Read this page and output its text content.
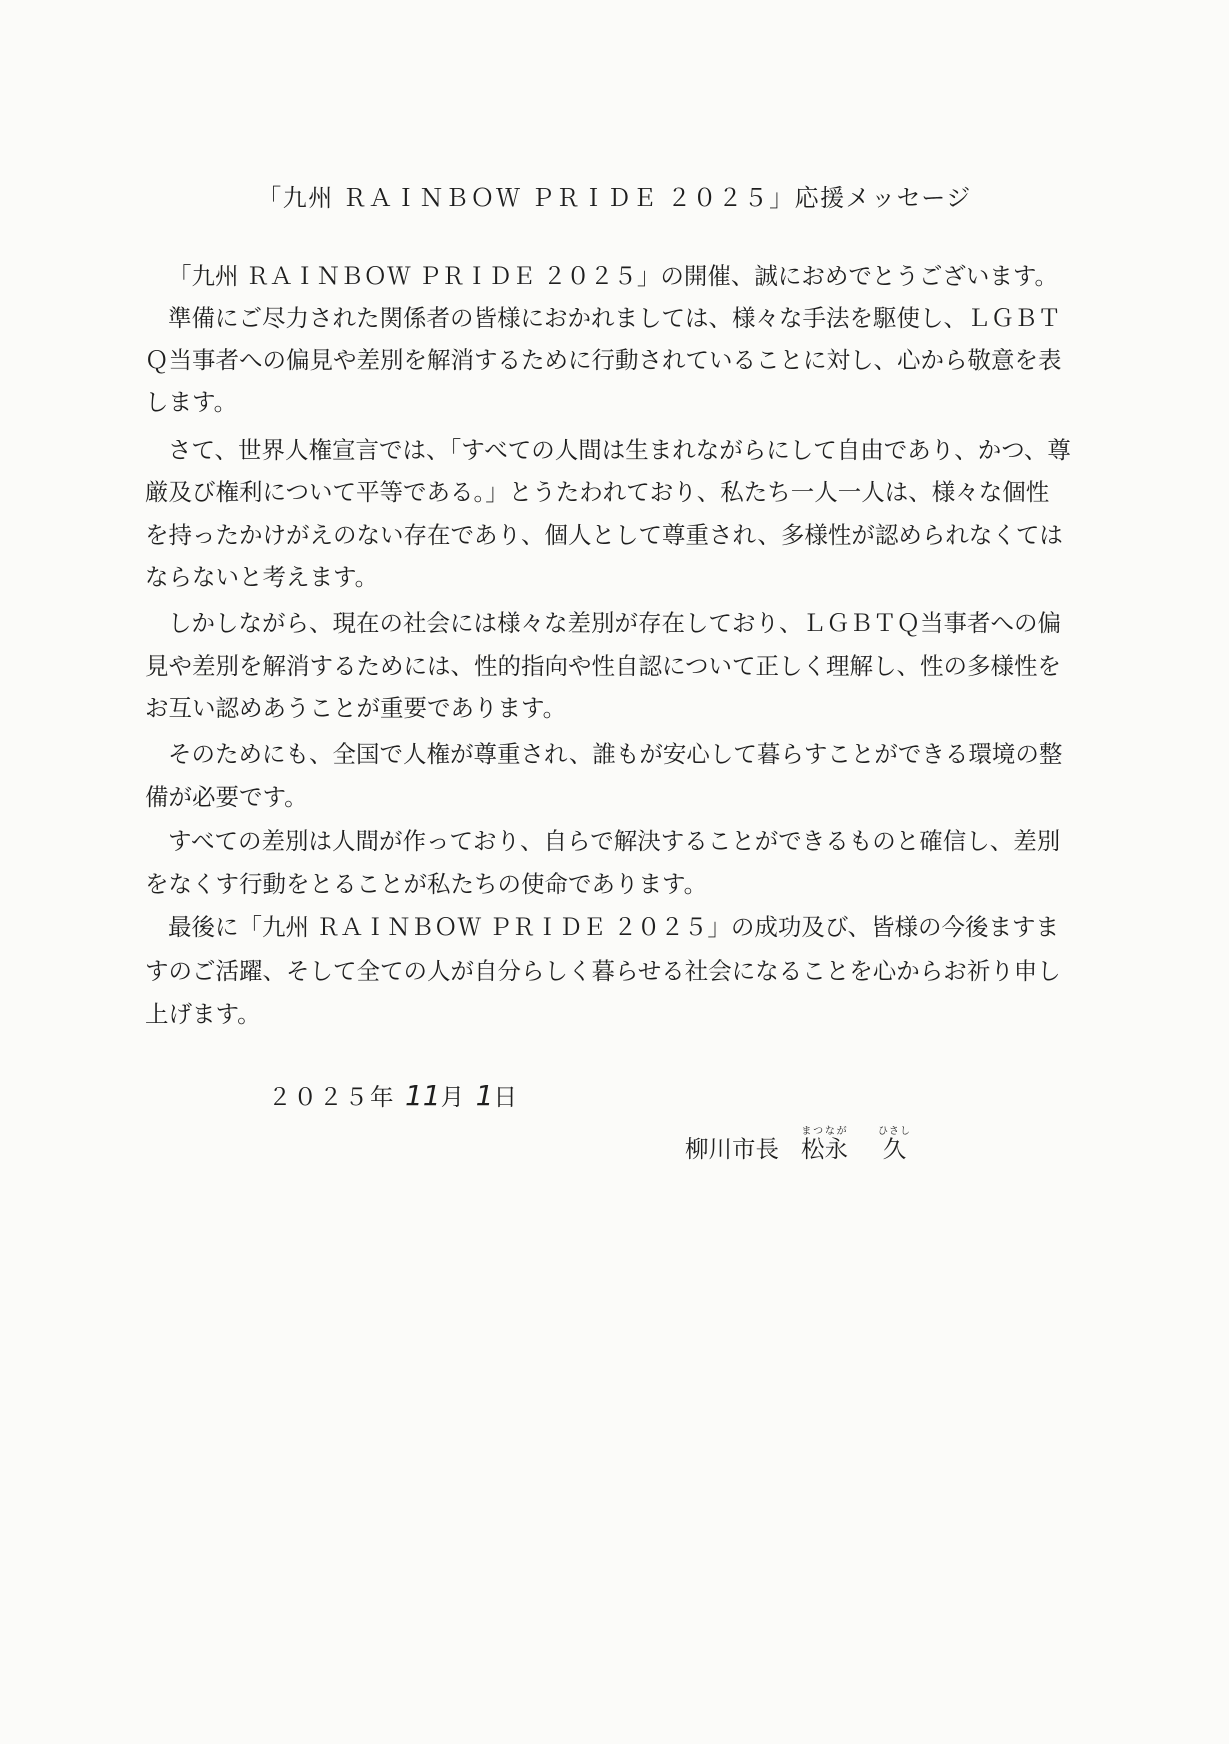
「九州 ＲＡＩＮＢＯＷ ＰＲＩＤＥ ２０２５」応援メッセージ
「九州 ＲＡＩＮＢＯＷ ＰＲＩＤＥ ２０２５」の開催、誠におめでとうございます。
準備にご尽力された関係者の皆様におかれましては、様々な手法を駆使し、ＬＧＢＴ
Ｑ当事者への偏見や差別を解消するために行動されていることに対し、心から敬意を表
します。
さて、世界人権宣言では、「すべての人間は生まれながらにして自由であり、かつ、尊
厳及び権利について平等である。」とうたわれており、私たち一人一人は、様々な個性
を持ったかけがえのない存在であり、個人として尊重され、多様性が認められなくては
ならないと考えます。
しかしながら、現在の社会には様々な差別が存在しており、ＬＧＢＴＱ当事者への偏
見や差別を解消するためには、性的指向や性自認について正しく理解し、性の多様性を
お互い認めあうことが重要であります。
そのためにも、全国で人権が尊重され、誰もが安心して暮らすことができる環境の整
備が必要です。
すべての差別は人間が作っており、自らで解決することができるものと確信し、差別
をなくす行動をとることが私たちの使命であります。
最後に「九州 ＲＡＩＮＢＯＷ ＰＲＩＤＥ ２０２５」の成功及び、皆様の今後ますま
すのご活躍、そして全ての人が自分らしく暮らせる社会になることを心からお祈り申し
上げます。
２０２５年 11月 1日
柳川市長 松永まつなが久ひさし
